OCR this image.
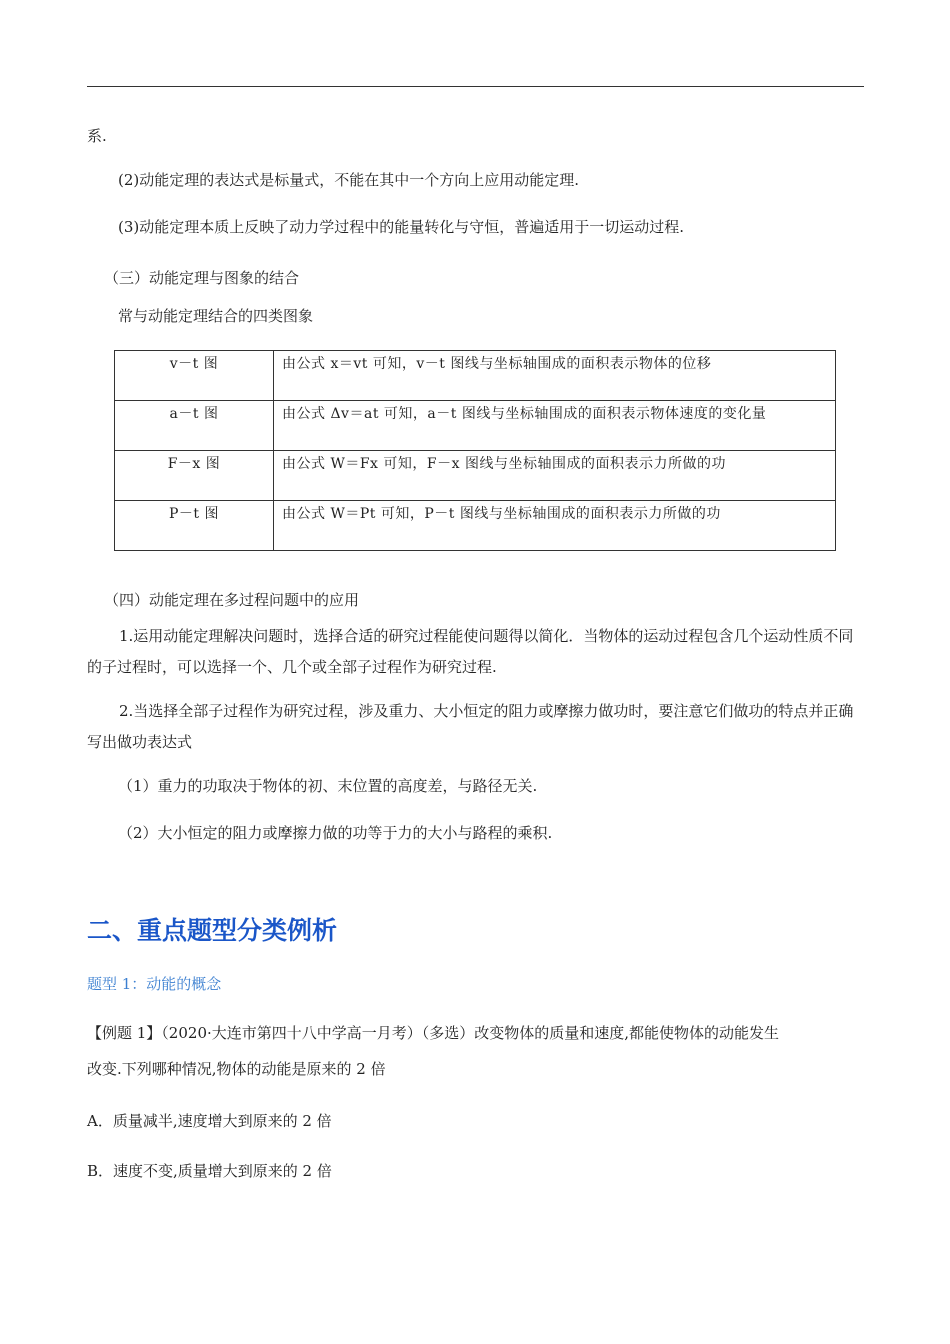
系.
(2)动能定理的表达式是标量式，不能在其中一个方向上应用动能定理.
(3)动能定理本质上反映了动力学过程中的能量转化与守恒，普遍适用于一切运动过程.
（三）动能定理与图象的结合
常与动能定理结合的四类图象
v－t 图	由公式 x＝vt 可知，v－t 图线与坐标轴围成的面积表示物体的位移
a－t 图	由公式 Δv＝at 可知，a－t 图线与坐标轴围成的面积表示物体速度的变化量
F－x 图	由公式 W＝Fx 可知，F－x 图线与坐标轴围成的面积表示力所做的功
P－t 图	由公式 W＝Pt 可知，P－t 图线与坐标轴围成的面积表示力所做的功
（四）动能定理在多过程问题中的应用
1.运用动能定理解决问题时，选择合适的研究过程能使问题得以简化．当物体的运动过程包含几个运动性质不同的子过程时，可以选择一个、几个或全部子过程作为研究过程.
2.当选择全部子过程作为研究过程，涉及重力、大小恒定的阻力或摩擦力做功时，要注意它们做功的特点并正确写出做功表达式
（1）重力的功取决于物体的初、末位置的高度差，与路径无关.
（2）大小恒定的阻力或摩擦力做的功等于力的大小与路程的乘积.
二、重点题型分类例析
题型 1：动能的概念
【例题 1】（2020·大连市第四十八中学高一月考）（多选）改变物体的质量和速度,都能使物体的动能发生
改变.下列哪种情况,物体的动能是原来的 2 倍
A．质量减半,速度增大到原来的 2 倍
B．速度不变,质量增大到原来的 2 倍
